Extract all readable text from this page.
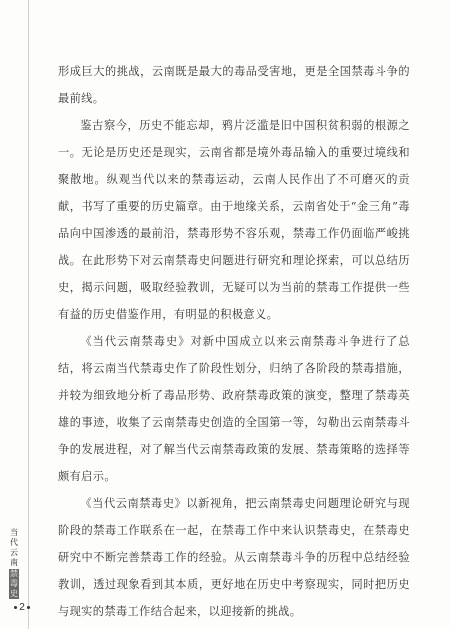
形成巨大的挑战，云南既是最大的毒品受害地，更是全国禁毒斗争的最前线。

鉴古察今，历史不能忘却，鸦片泛滥是旧中国积贫积弱的根源之一。无论是历史还是现实，云南省都是境外毒品输入的重要过境线和聚散地。纵观当代以来的禁毒运动，云南人民作出了不可磨灭的贡献，书写了重要的历史篇章。由于地缘关系，云南省处于“金三角”毒品向中国渗透的最前沿，禁毒形势不容乐观，禁毒工作仍面临严峻挑战。在此形势下对云南禁毒史问题进行研究和理论探索，可以总结历史，揭示问题，吸取经验教训，无疑可以为当前的禁毒工作提供一些有益的历史借鉴作用，有明显的积极意义。

《当代云南禁毒史》对新中国成立以来云南禁毒斗争进行了总结，将云南当代禁毒史作了阶段性划分，归纳了各阶段的禁毒措施，并较为细致地分析了毒品形势、政府禁毒政策的演变，整理了禁毒英雄的事迹，收集了云南禁毒史创造的全国第一等，勾勒出云南禁毒斗争的发展进程，对了解当代云南禁毒政策的发展、禁毒策略的选择等颇有启示。

《当代云南禁毒史》以新视角，把云南禁毒史问题理论研究与现阶段的禁毒工作联系在一起，在禁毒工作中来认识禁毒史，在禁毒史研究中不断完善禁毒工作的经验。从云南禁毒斗争的历程中总结经验教训，透过现象看到其本质，更好地在历史中考察现实，同时把历史与现实的禁毒工作结合起来，以迎接新的挑战。

当
代
云
南
禁
毒
史
2
